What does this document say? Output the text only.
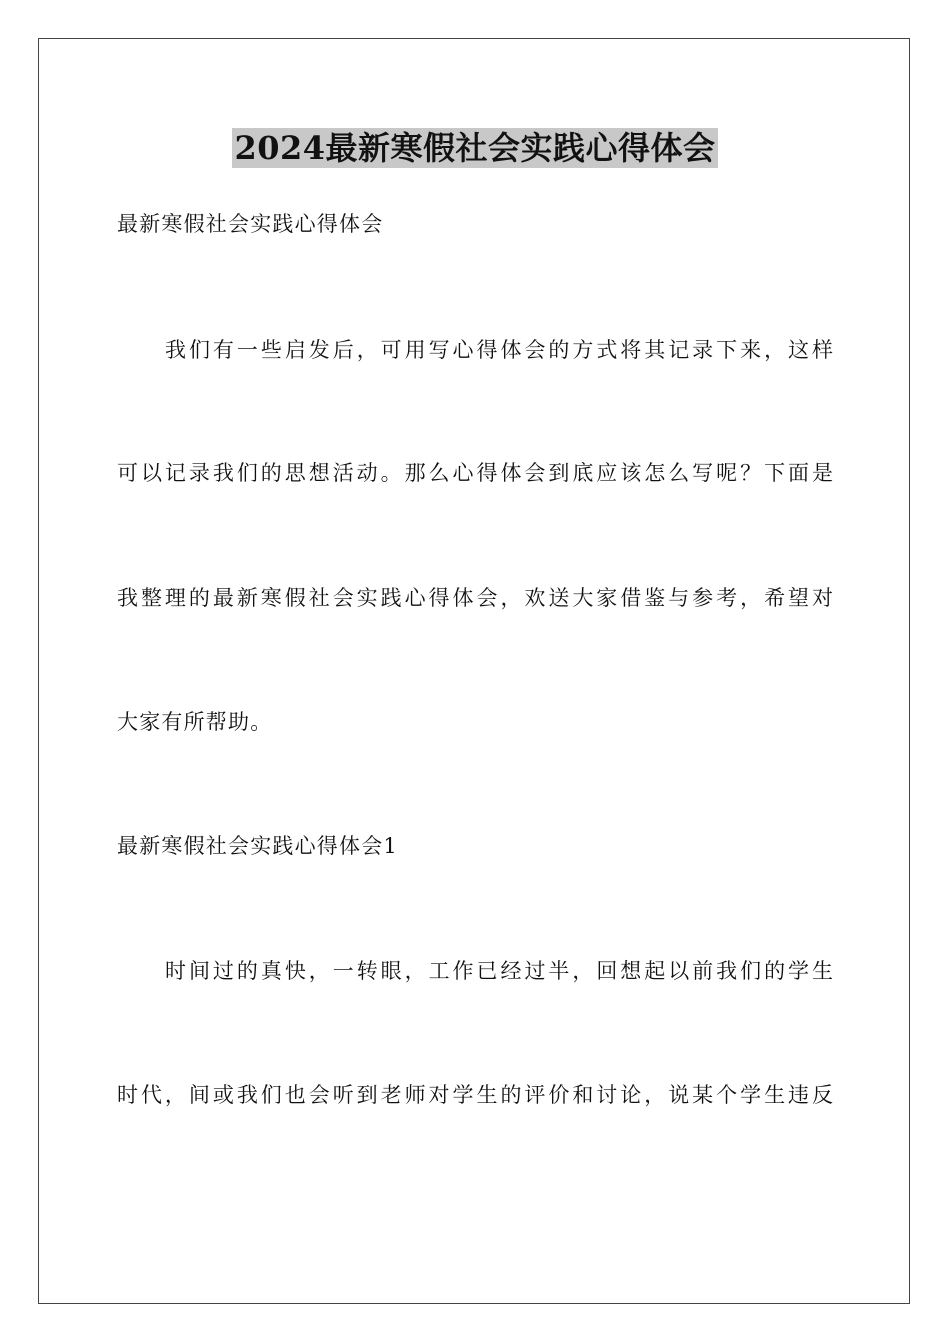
2024最新寒假社会实践心得体会
最新寒假社会实践心得体会
我们有一些启发后，可用写心得体会的方式将其记录下来，这样
可以记录我们的思想活动。那么心得体会到底应该怎么写呢？下面是
我整理的最新寒假社会实践心得体会，欢送大家借鉴与参考，希望对
大家有所帮助。
最新寒假社会实践心得体会1
时间过的真快，一转眼，工作已经过半，回想起以前我们的学生
时代，间或我们也会听到老师对学生的评价和讨论，说某个学生违反
